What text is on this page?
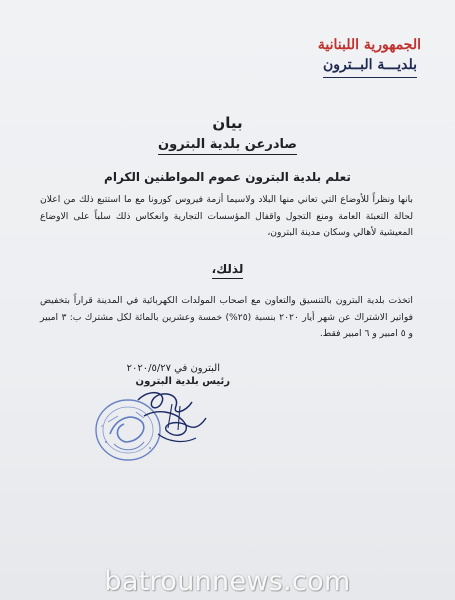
الجمهورية اللبنانية
بلديـــة البــترون
بيان
صادرعن بلدية البترون
تعلم بلدية البترون عموم المواطنين الكرام
بانها ونظراً للأوضاع التي تعاني منها البلاد ولاسيما أزمة فيروس كورونا مع ما استتبع ذلك من اعلان لحالة التعبئة العامة ومنع التجول واقفال المؤسسات التجارية وانعكاس ذلك سلباً على الاوضاع المعيشية لأهالي وسكان مدينة البترون،
لذلك،
اتخذت بلدية البترون بالتنسيق والتعاون مع اصحاب المولدات الكهربائية في المدينة قراراً بتخفيض فواتير الاشتراك عن شهر أيار ٢٠٢٠ بنسبة (٢٥%) خمسة وعشرين بالمائة لكل مشترك ب: ٣ امبير و ٥ امبير و ٦ امبير فقط.
البترون في ٢٠٢٠/٥/٢٧
رئيس بلدية البترون
batrounnews.com
